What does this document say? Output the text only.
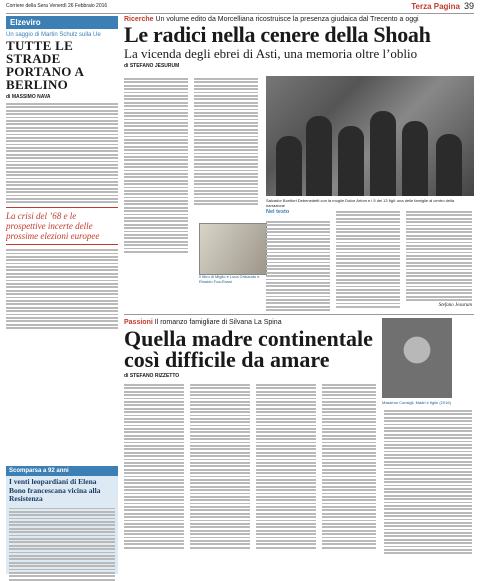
Corriere della Sera Venerdì 26 Febbraio 2016	Terza Pagina 39
Elzeviro
Un saggio di Martin Schulz sulla Ue
TUTTE LE STRADE PORTANO A BERLINO
di MASSIMO NAVA
La crisi del ’68 e le prospettive incerte delle prossime elezioni europee
Scomparsa a 92 anni
I venti leopardiani di Elena Bono francescana vicina alla Resistenza
Ricerche Un volume edito da Morcelliana ricostruisce la presenza giudaica dal Trecento a oggi
Le radici nella cenere della Shoah
La vicenda degli ebrei di Asti, una memoria oltre l’oblio
di STEFANO JESURUM
Salvador Bonifort Debenedetti con la moglie Dolce Artom e i 5 dei 13 figli: una delle famiglie al centro della narrazione
Il libro di Miglio e Luca Gribaudo e Rinaldo Foa-Rossi
Nel testo
Stefano Jesurum
Passioni Il romanzo famigliare di Silvana La Spina
Quella madre continentale così difficile da amare
di STEFANO RIZZETTO
Massimo Consigli, Madri e figlie (2016)
